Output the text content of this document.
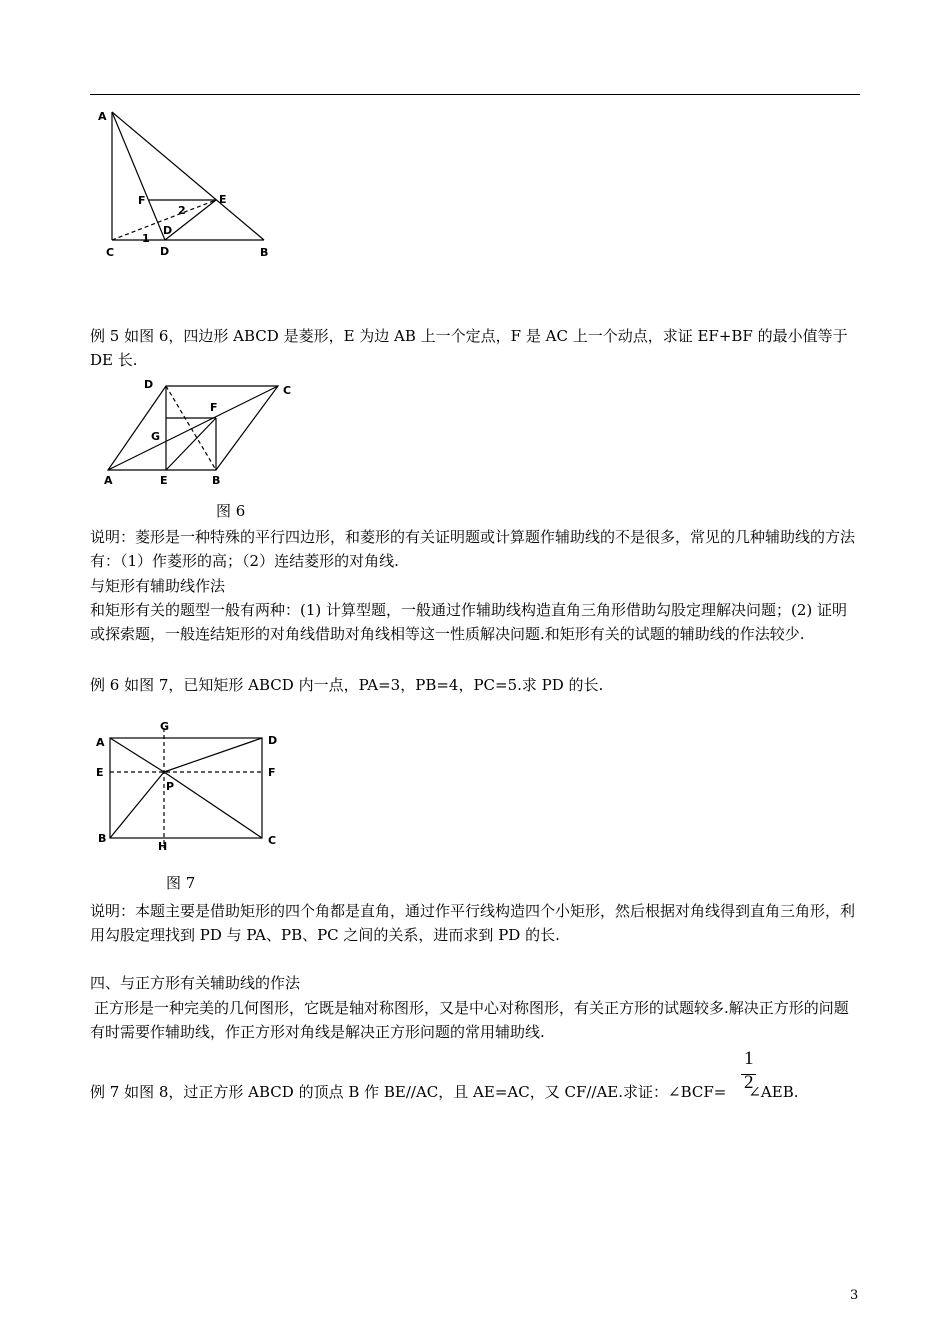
A
F	E
D
C	B
2
1
D
例 5 如图 6，四边形 ABCD 是菱形，E 为边 AB 上一个定点，F 是 AC 上一个动点，求证 EF+BF 的最小值等于 DE 长.
D	C
F
G
A	E	B
图 6
说明：菱形是一种特殊的平行四边形，和菱形的有关证明题或计算题作辅助线的不是很多，常见的几种辅助线的方法有：（1）作菱形的高；（2）连结菱形的对角线.
与矩形有辅助线作法
和矩形有关的题型一般有两种：(1) 计算型题，一般通过作辅助线构造直角三角形借助勾股定理解决问题；(2) 证明或探索题，一般连结矩形的对角线借助对角线相等这一性质解决问题.和矩形有关的试题的辅助线的作法较少.
例 6 如图 7，已知矩形 ABCD 内一点，PA=3，PB=4，PC=5.求 PD 的长.
G
A	D
E	F
P
B
H	C
图 7
说明：本题主要是借助矩形的四个角都是直角，通过作平行线构造四个小矩形，然后根据对角线得到直角三角形，利用勾股定理找到 PD 与 PA、PB、PC 之间的关系，进而求到 PD 的长.
四、与正方形有关辅助线的作法
正方形是一种完美的几何图形，它既是轴对称图形，又是中心对称图形，有关正方形的试题较多.解决正方形的问题有时需要作辅助线，作正方形对角线是解决正方形问题的常用辅助线.
例 7 如图 8，过正方形 ABCD 的顶点 B 作 BE//AC，且 AE=AC，又 CF//AE.求证：∠BCF= ∠AEB.
1
2
3
